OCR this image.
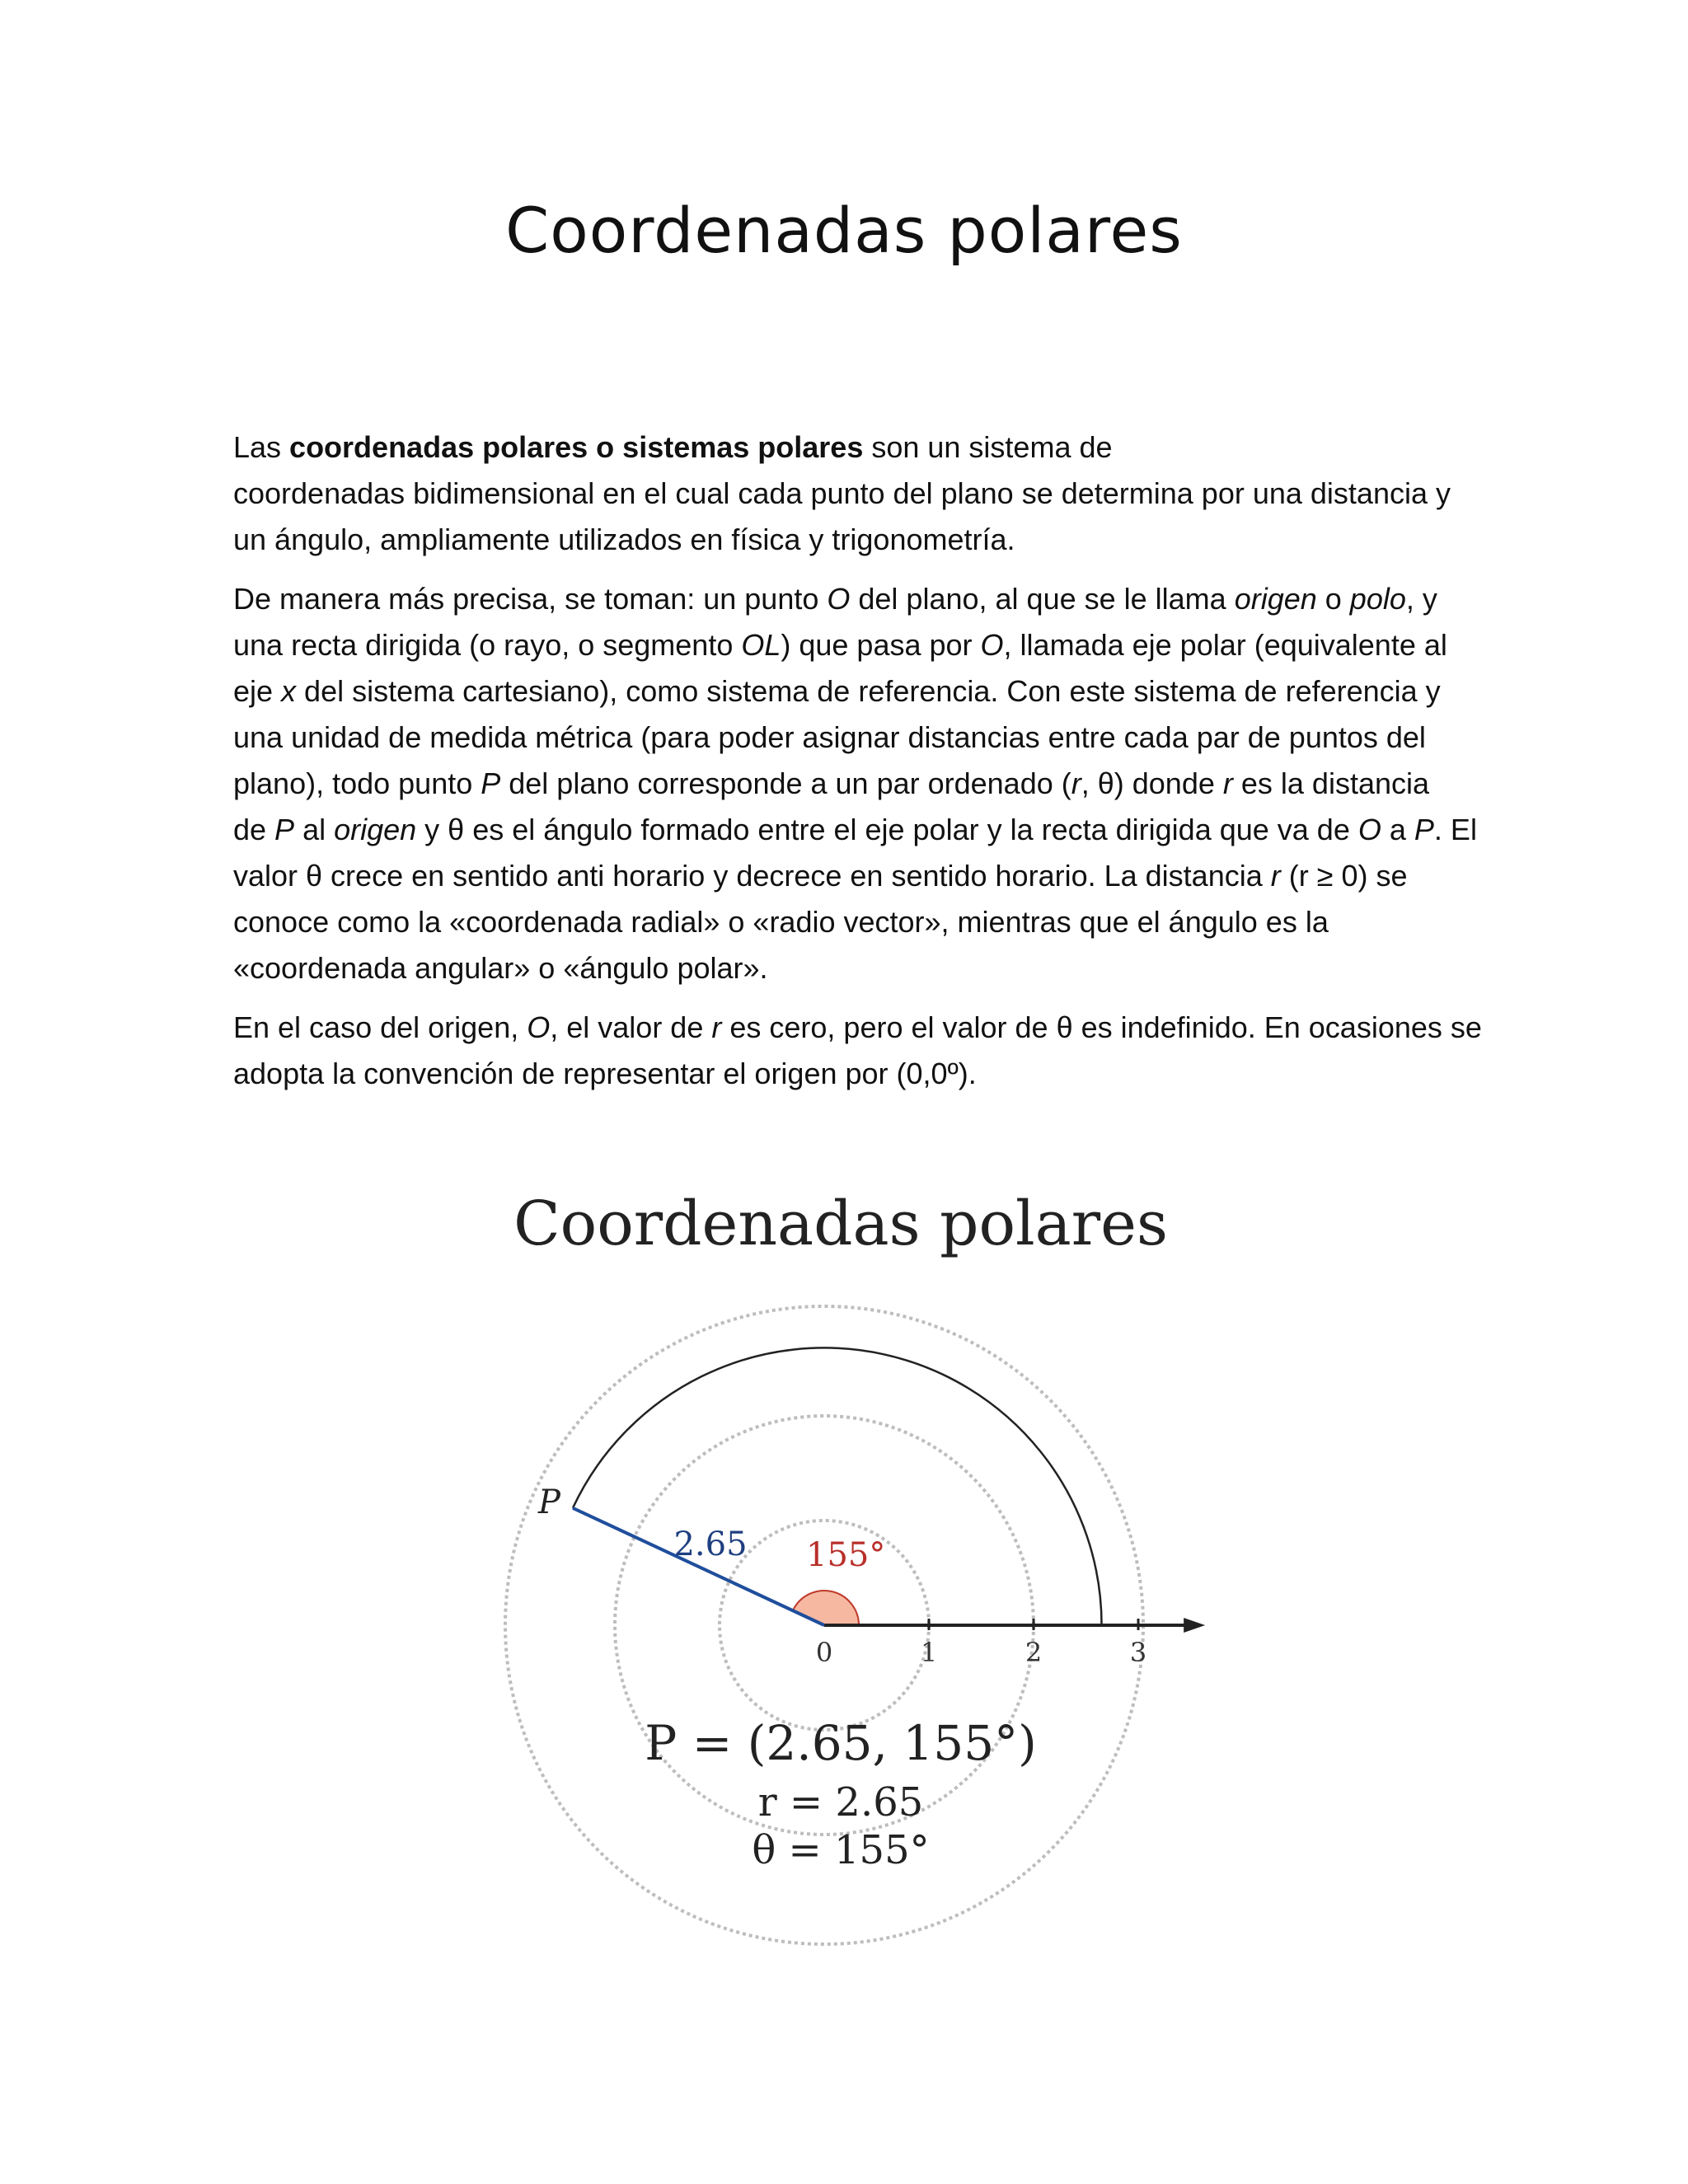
Coordenadas polares

Las coordenadas polares o sistemas polares son un sistema de
coordenadas bidimensional en el cual cada punto del plano se determina por una distancia y
un ángulo, ampliamente utilizados en física y trigonometría.

De manera más precisa, se toman: un punto O del plano, al que se le llama origen o polo, y
una recta dirigida (o rayo, o segmento OL) que pasa por O, llamada eje polar (equivalente al
eje x del sistema cartesiano), como sistema de referencia. Con este sistema de referencia y
una unidad de medida métrica (para poder asignar distancias entre cada par de puntos del
plano), todo punto P del plano corresponde a un par ordenado (r, θ) donde r es la distancia
de P al origen y θ es el ángulo formado entre el eje polar y la recta dirigida que va de O a P. El
valor θ crece en sentido anti horario y decrece en sentido horario. La distancia r (r ≥ 0) se
conoce como la «coordenada radial» o «radio vector», mientras que el ángulo es la
«coordenada angular» o «ángulo polar».

En el caso del origen, O, el valor de r es cero, pero el valor de θ es indefinido. En ocasiones se
adopta la convención de representar el origen por (0,0º).

Coordenadas polares
0	1	2	3
P
2.65 155°
P = (2.65, 155°)
r = 2.65
θ = 155°
